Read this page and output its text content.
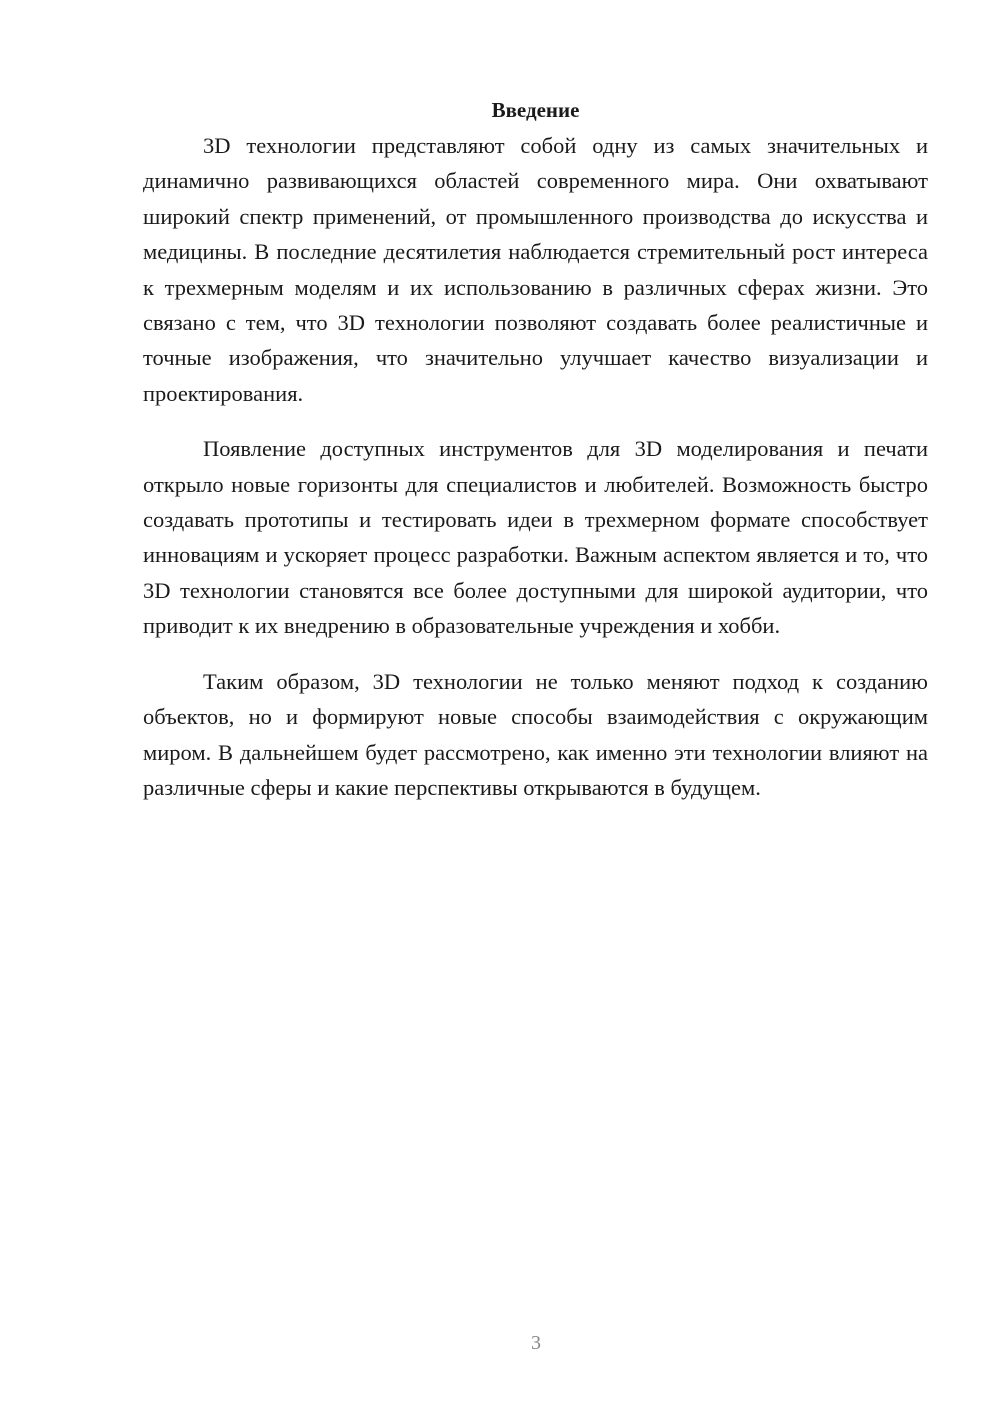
Введение

3D технологии представляют собой одну из самых значительных и динамично развивающихся областей современного мира. Они охватывают широкий спектр применений, от промышленного производства до искусства и медицины. В последние десятилетия наблюдается стремительный рост интереса к трехмерным моделям и их использованию в различных сферах жизни. Это связано с тем, что 3D технологии позволяют создавать более реалистичные и точные изображения, что значительно улучшает качество визуализации и проектирования.

Появление доступных инструментов для 3D моделирования и печати открыло новые горизонты для специалистов и любителей. Возможность быстро создавать прототипы и тестировать идеи в трехмерном формате способствует инновациям и ускоряет процесс разработки. Важным аспектом является и то, что 3D технологии становятся все более доступными для широкой аудитории, что приводит к их внедрению в образовательные учреждения и хобби.

Таким образом, 3D технологии не только меняют подход к созданию объектов, но и формируют новые способы взаимодействия с окружающим миром. В дальнейшем будет рассмотрено, как именно эти технологии влияют на различные сферы и какие перспективы открываются в будущем.

3
